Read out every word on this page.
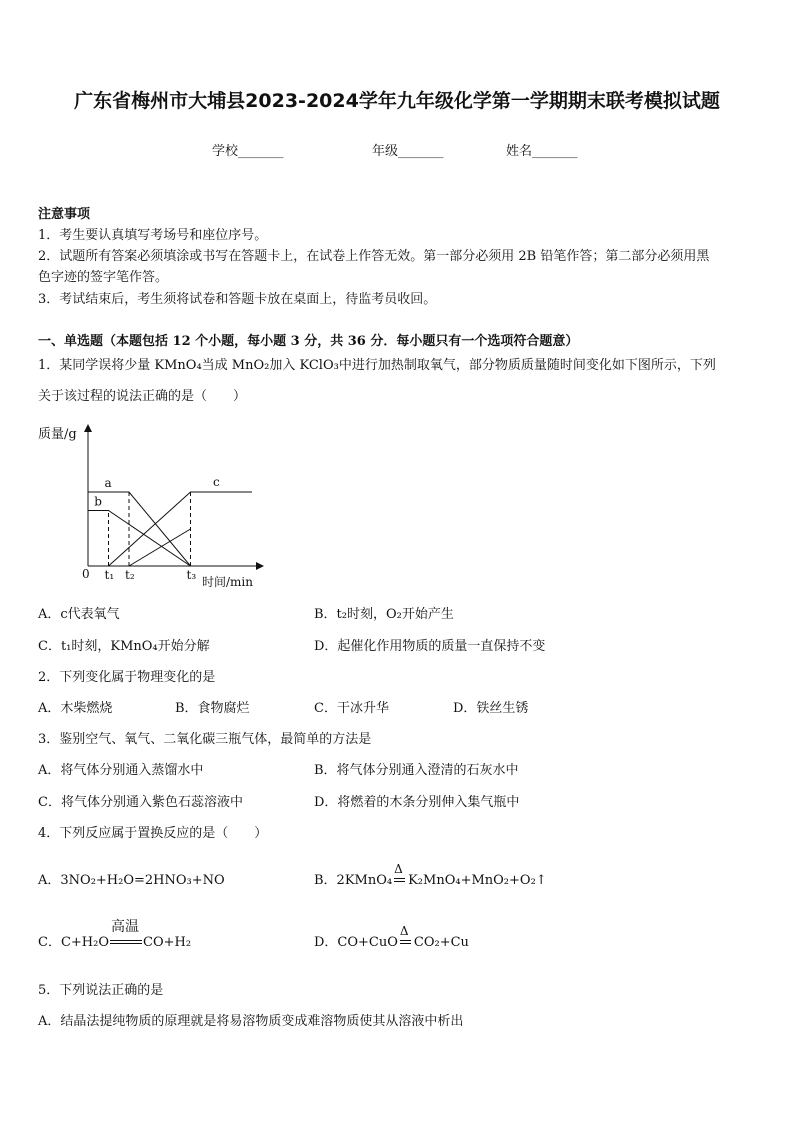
广东省梅州市大埔县2023-2024学年九年级化学第一学期期末联考模拟试题
学校_______	年级_______	姓名_______
注意事项
1．考生要认真填写考场号和座位序号。
2．试题所有答案必须填涂或书写在答题卡上，在试卷上作答无效。第一部分必须用 2B 铅笔作答；第二部分必须用黑
色字迹的签字笔作答。
3．考试结束后，考生须将试卷和答题卡放在桌面上，待监考员收回。
一、单选题（本题包括 12 个小题，每小题 3 分，共 36 分．每小题只有一个选项符合题意）
1．某同学误将少量 KMnO₄当成 MnO₂加入 KClO₃中进行加热制取氧气，部分物质质量随时间变化如下图所示，下列
关于该过程的说法正确的是（　　）
质量/g
时间/min
0
a
b
c
t₁ t₂	t₃
A．c代表氧气	B．t₂时刻，O₂开始产生
C．t₁时刻，KMnO₄开始分解	D．起催化作用物质的质量一直保持不变
2．下列变化属于物理变化的是
A．木柴燃烧	B．食物腐烂	C．干冰升华	D．铁丝生锈
3．鉴别空气、氧气、二氧化碳三瓶气体，最简单的方法是
A．将气体分别通入蒸馏水中	B．将气体分别通入澄清的石灰水中
C．将气体分别通入紫色石蕊溶液中	D．将燃着的木条分别伸入集气瓶中
4．下列反应属于置换反应的是（　　）
A．3NO₂+H₂O=2HNO₃+NO	B．2KMnO₄
Δ
K₂MnO₄+MnO₂+O₂↑
C．C+H₂O
高温
CO+H₂	D．CO+CuO
Δ
CO₂+Cu
5．下列说法正确的是
A．结晶法提纯物质的原理就是将易溶物质变成难溶物质使其从溶液中析出
